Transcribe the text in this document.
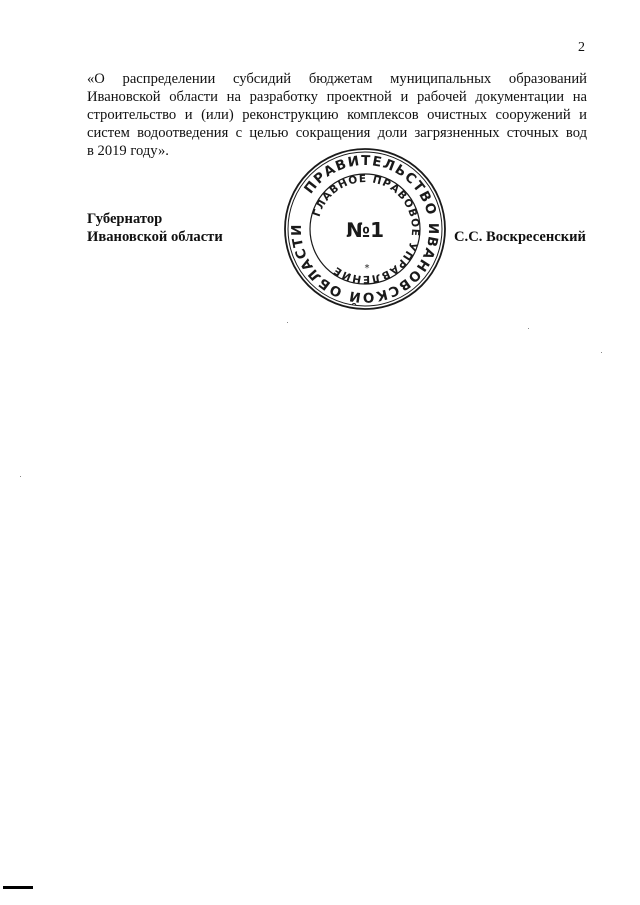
2

«О распределении субсидий бюджетам муниципальных образований
Ивановской области на разработку проектной и рабочей документации на
строительство и (или) реконструкцию комплексов очистных сооружений и
систем водоотведения с целью сокращения доли загрязненных сточных вод
в 2019 году».

Губернатор
Ивановской области	С.С. Воскресенский
ПРАВИТЕЛЬСТВО ИВАНОВСКОЙ ОБЛАСТИ
ГЛАВНОЕ ПРАВОВОЕ УПРАВЛЕНИЕ
№1
*
